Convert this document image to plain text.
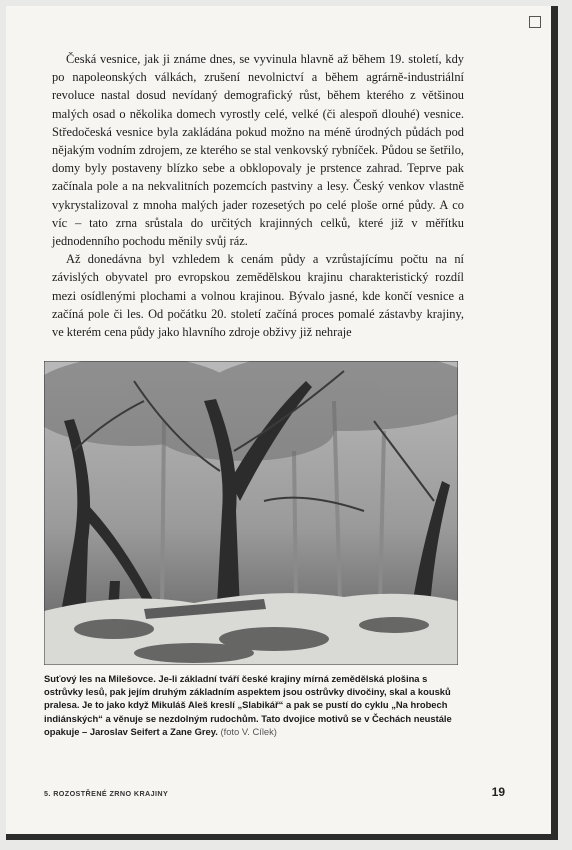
Česká vesnice, jak ji známe dnes, se vyvinula hlavně až během 19. století, kdy po napoleonských válkách, zrušení nevolnictví a během agrárně-industriální revoluce nastal dosud nevídaný demografický růst, během kterého z většinou malých osad o několika domech vyrostly celé, velké (či alespoň dlouhé) vesnice. Středočeská vesnice byla zakládána pokud možno na méně úrodných půdách pod nějakým vodním zdrojem, ze kterého se stal venkovský rybníček. Půdou se šetřilo, domy byly postaveny blízko sebe a obklopovaly je prstence zahrad. Teprve pak začínala pole a na nekvalitních pozemcích pastviny a lesy. Český venkov vlastně vykrystalizoval z mnoha malých jader rozesetých po celé ploše orné půdy. A co víc – tato zrna srůstala do určitých krajinných celků, které již v měřítku jednodenního pochodu měnily svůj ráz.

Až donedávna byl vzhledem k cenám půdy a vzrůstajícímu počtu na ní závislých obyvatel pro evropskou zemědělskou krajinu charakteristický rozdíl mezi osídlenými plochami a volnou krajinou. Bývalo jasné, kde končí vesnice a začíná pole či les. Od počátku 20. století začíná proces pomalé zástavby krajiny, ve kterém cena půdy jako hlavního zdroje obživy již nehraje

Suťový les na Milešovce. Je-li základní tváří české krajiny mírná zemědělská plošina s ostrůvky lesů, pak jejím druhým základním aspektem jsou ostrůvky divočiny, skal a kousků pralesa. Je to jako když Mikuláš Aleš kreslí „Slabikář“ a pak se pustí do cyklu „Na hrobech indiánských“ a věnuje se nezdolným rudochům. Tato dvojice motivů se v Čechách neustále opakuje – Jaroslav Seifert a Zane Grey. (foto V. Cílek)
5. ROZOSTŘENÉ ZRNO KRAJINY	19
